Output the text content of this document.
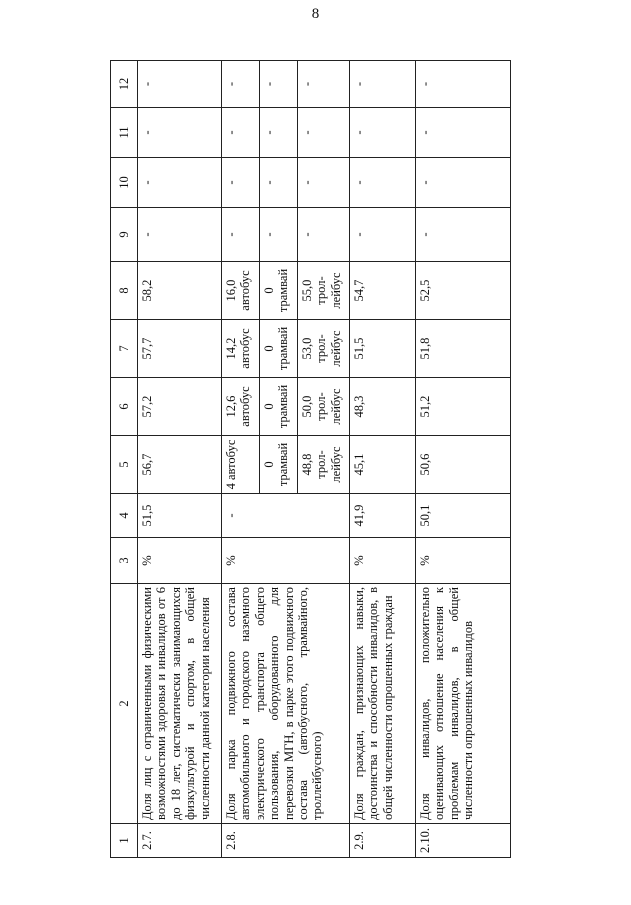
8
1	2	3	4	5	6	7	8	9	10	11	12
2.7.	Доля лиц с ограниченными физическими возможностями здоровья и инвалидов от 6 до 18 лет, систематически занимающихся физкультурой и спортом, в общей численности данной категории населения	%	51,5	56,7	57,2	57,7	58,2	-	-	-	-
2.8.	Доля парка подвижного состава автомобильного и городского наземного электрического транспорта общего пользования, оборудованного для перевозки МГН, в парке этого подвижного состава (автобусного, трамвайного, троллейбусного)	%	-	4 автобус	12,6 автобус	14,2 автобус	16,0 автобус	-	-	-	-
				0 трамвай	0 трамвай	0 трамвай	0 трамвай	-	-	-	-
				48,8 трол-лейбус	50,0 трол-лейбус	53,0 трол-лейбус	55,0 трол-лейбус	-	-	-	-
2.9.	Доля граждан, признающих навыки, достоинства и способности инвалидов, в общей численности опрошенных граждан	%	41,9	45,1	48,3	51,5	54,7	-	-	-	-
2.10.	Доля инвалидов, положительно оценивающих отношение населения к проблемам инвалидов, в общей численности опрошенных инвалидов	%	50,1	50,6	51,2	51,8	52,5	-	-	-	-
